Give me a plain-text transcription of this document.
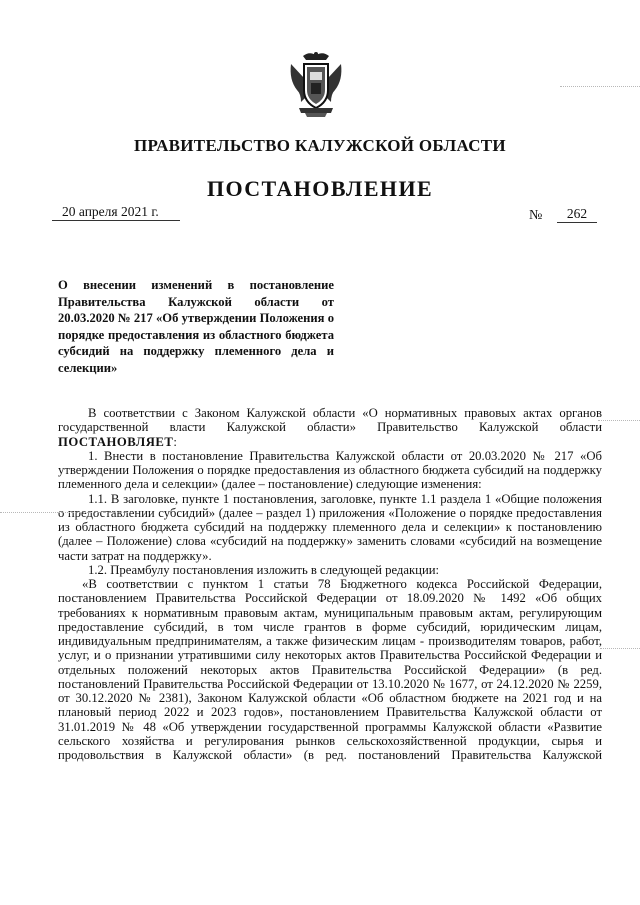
ПРАВИТЕЛЬСТВО КАЛУЖСКОЙ ОБЛАСТИ
ПОСТАНОВЛЕНИЕ
20 апреля 2021 г.	№	262
О внесении изменений в постановление Правительства Калужской области от 20.03.2020 № 217 «Об утверждении Положения о порядке предоставления из областного бюджета субсидий на поддержку племенного дела и селекции»

В соответствии с Законом Калужской области «О нормативных правовых актах органов государственной власти Калужской области» Правительство Калужской области

ПОСТАНОВЛЯЕТ:

1. Внести в постановление Правительства Калужской области от 20.03.2020 № 217 «Об утверждении Положения о порядке предоставления из областного бюджета субсидий на поддержку племенного дела и селекции» (далее – постановление) следующие изменения:

1.1. В заголовке, пункте 1 постановления, заголовке, пункте 1.1 раздела 1 «Общие положения о предоставлении субсидий» (далее – раздел 1) приложения «Положение о порядке предоставления из областного бюджета субсидий на поддержку племенного дела и селекции» к постановлению (далее – Положение) слова «субсидий на поддержку» заменить словами «субсидий на возмещение части затрат на поддержку».

1.2. Преамбулу постановления изложить в следующей редакции:

«В соответствии с пунктом 1 статьи 78 Бюджетного кодекса Российской Федерации, постановлением Правительства Российской Федерации от 18.09.2020 № 1492 «Об общих требованиях к нормативным правовым актам, муниципальным правовым актам, регулирующим предоставление субсидий, в том числе грантов в форме субсидий, юридическим лицам, индивидуальным предпринимателям, а также физическим лицам - производителям товаров, работ, услуг, и о признании утратившими силу некоторых актов Правительства Российской Федерации и отдельных положений некоторых актов Правительства Российской Федерации» (в ред. постановлений Правительства Российской Федерации от 13.10.2020 № 1677, от 24.12.2020 № 2259, от 30.12.2020 № 2381), Законом Калужской области «Об областном бюджете на 2021 год и на плановый период 2022 и 2023 годов», постановлением Правительства Калужской области от 31.01.2019 № 48 «Об утверждении государственной программы Калужской области «Развитие сельского хозяйства и регулирования рынков сельскохозяйственной продукции, сырья и продовольствия в Калужской области» (в ред. постановлений Правительства Калужской
